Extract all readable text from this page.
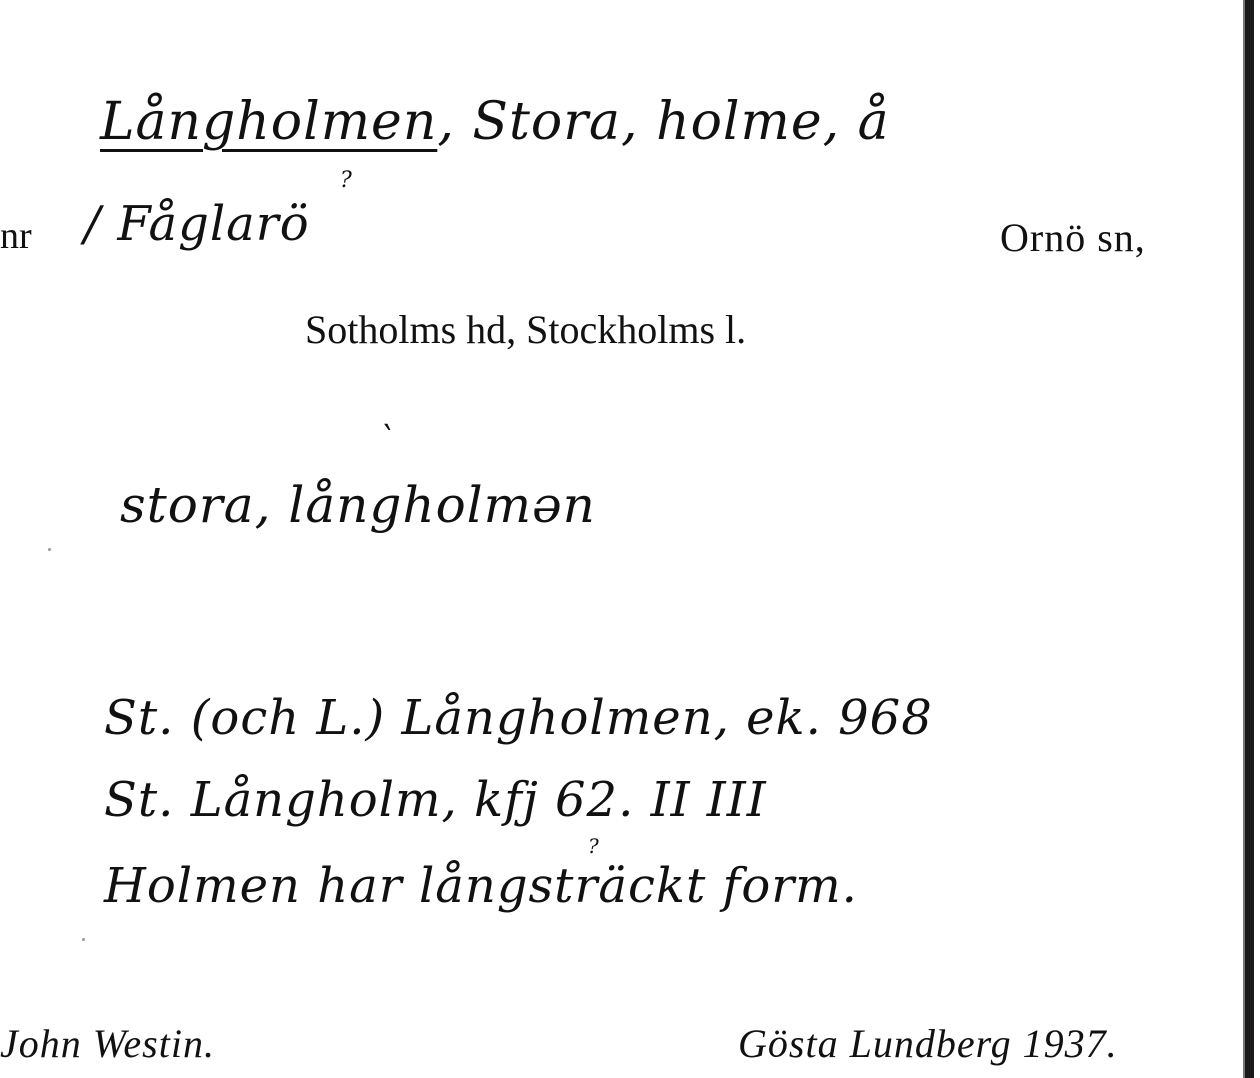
Långholmen, Stora, holme, å
nr / Fåglarö
?
Ornö sn,
Sotholms hd, Stockholms l.
`
stora, långholmən
St. (och L.) Långholmen, ek. 968
St. Långholm, kfj 62. II III
?
Holmen har långsträckt form.
John Westin.	Gösta Lundberg 1937.
